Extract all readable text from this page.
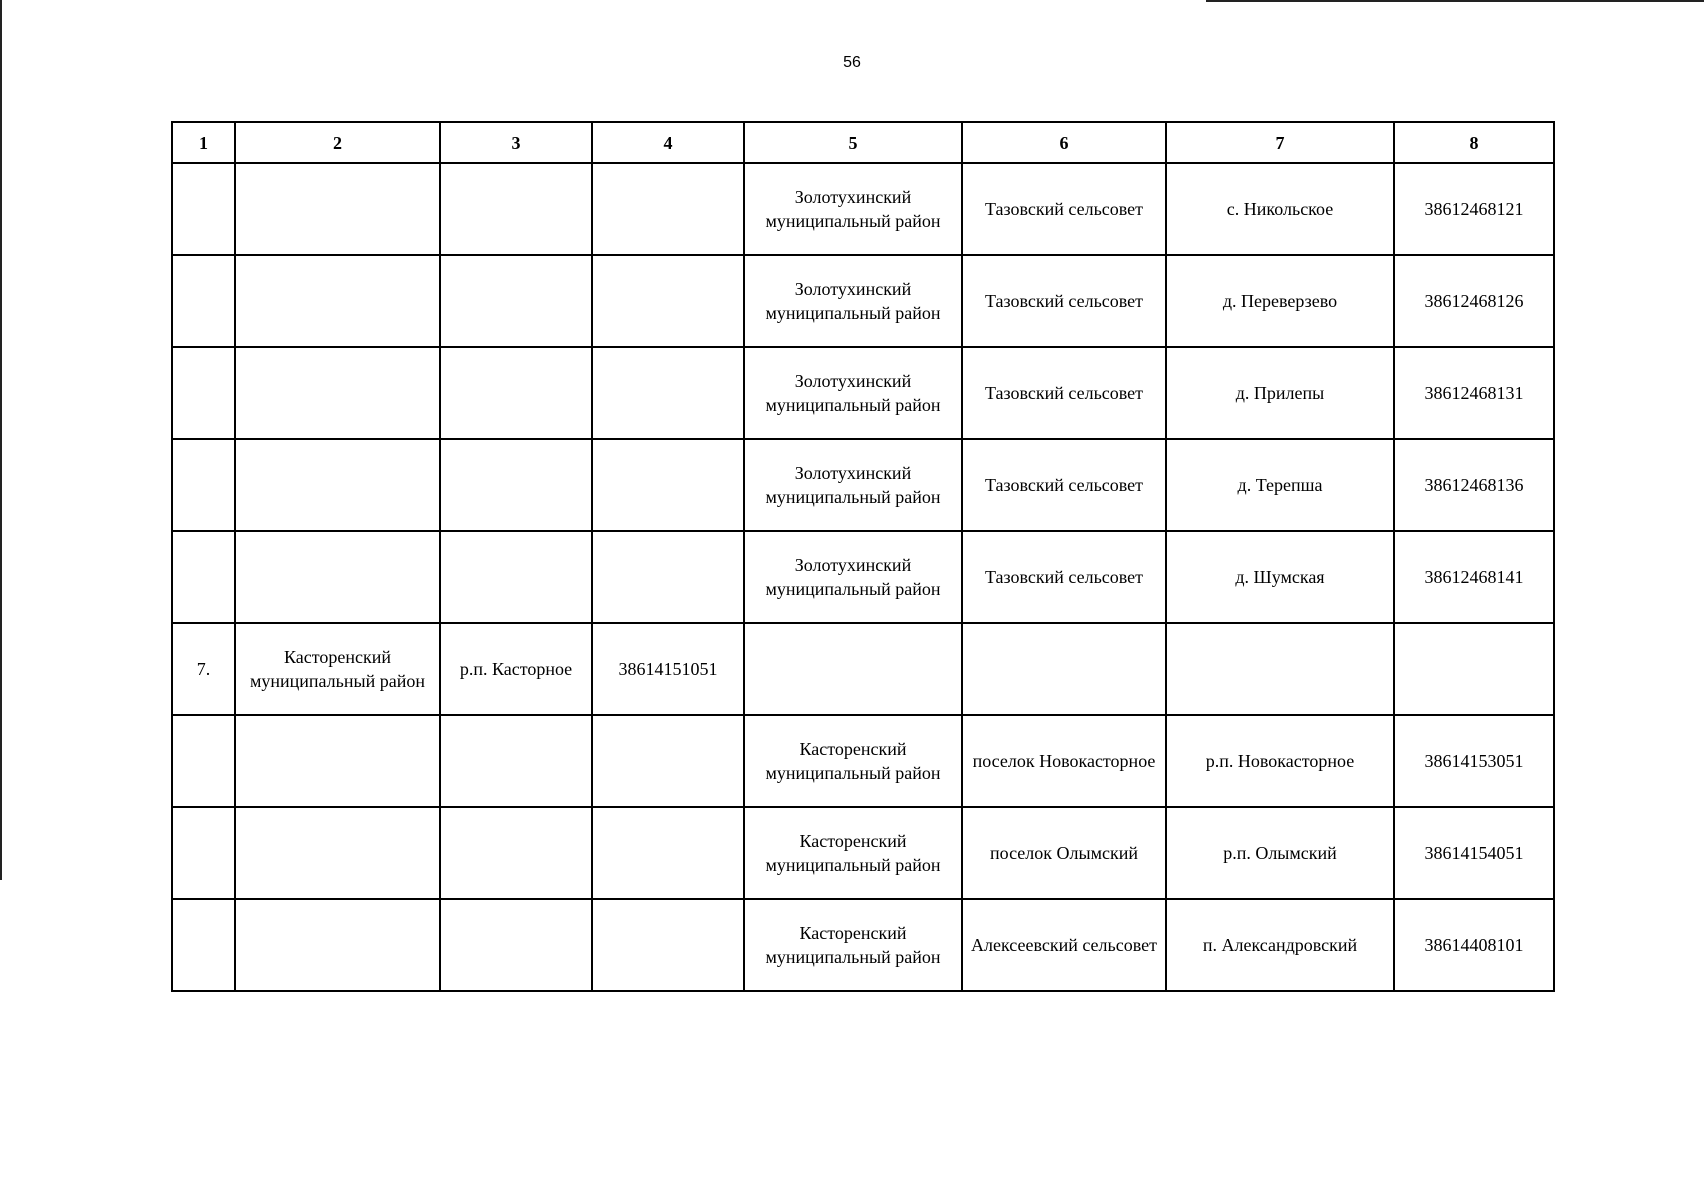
56
1	2	3	4	5	6	7	8
				Золотухинский муниципальный район	Тазовский сельсовет	с. Никольское	38612468121
				Золотухинский муниципальный район	Тазовский сельсовет	д. Переверзево	38612468126
				Золотухинский муниципальный район	Тазовский сельсовет	д. Прилепы	38612468131
				Золотухинский муниципальный район	Тазовский сельсовет	д. Терепша	38612468136
				Золотухинский муниципальный район	Тазовский сельсовет	д. Шумская	38612468141
7.	Касторенский муниципальный район	р.п. Касторное	38614151051				
				Касторенский муниципальный район	поселок Новокасторное	р.п. Новокасторное	38614153051
				Касторенский муниципальный район	поселок Олымский	р.п. Олымский	38614154051
				Касторенский муниципальный район	Алексеевский сельсовет	п. Александровский	38614408101
